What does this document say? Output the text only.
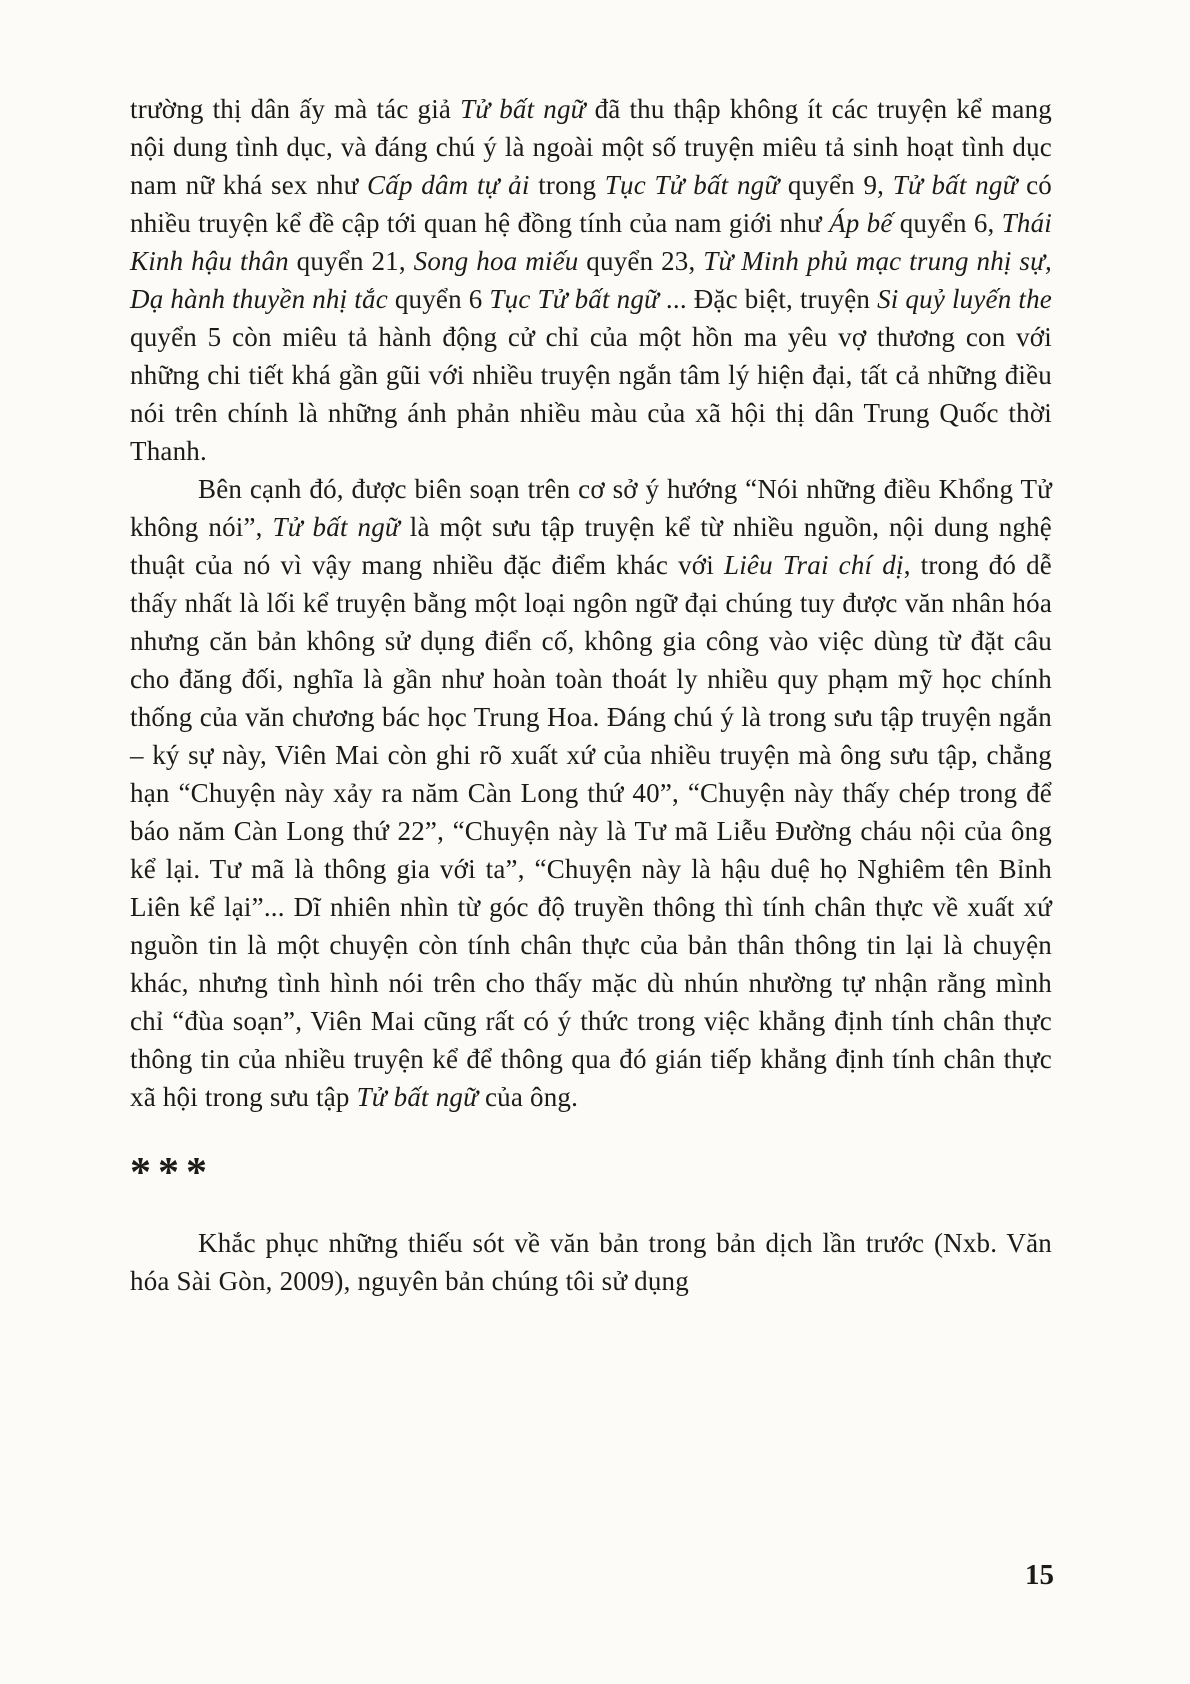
trường thị dân ấy mà tác giả Tử bất ngữ đã thu thập không ít các truyện kể mang nội dung tình dục, và đáng chú ý là ngoài một số truyện miêu tả sinh hoạt tình dục nam nữ khá sex như Cấp dâm tự ải trong Tục Tử bất ngữ quyển 9, Tử bất ngữ có nhiều truyện kể đề cập tới quan hệ đồng tính của nam giới như Áp bế quyển 6, Thái Kinh hậu thân quyển 21, Song hoa miếu quyển 23, Từ Minh phủ mạc trung nhị sự, Dạ hành thuyền nhị tắc quyển 6 Tục Tử bất ngữ ... Đặc biệt, truyện Si quỷ luyến the quyển 5 còn miêu tả hành động cử chỉ của một hồn ma yêu vợ thương con với những chi tiết khá gần gũi với nhiều truyện ngắn tâm lý hiện đại, tất cả những điều nói trên chính là những ánh phản nhiều màu của xã hội thị dân Trung Quốc thời Thanh.

Bên cạnh đó, được biên soạn trên cơ sở ý hướng “Nói những điều Khổng Tử không nói”, Tử bất ngữ là một sưu tập truyện kể từ nhiều nguồn, nội dung nghệ thuật của nó vì vậy mang nhiều đặc điểm khác với Liêu Trai chí dị, trong đó dễ thấy nhất là lối kể truyện bằng một loại ngôn ngữ đại chúng tuy được văn nhân hóa nhưng căn bản không sử dụng điển cố, không gia công vào việc dùng từ đặt câu cho đăng đối, nghĩa là gần như hoàn toàn thoát ly nhiều quy phạm mỹ học chính thống của văn chương bác học Trung Hoa. Đáng chú ý là trong sưu tập truyện ngắn – ký sự này, Viên Mai còn ghi rõ xuất xứ của nhiều truyện mà ông sưu tập, chẳng hạn “Chuyện này xảy ra năm Càn Long thứ 40”, “Chuyện này thấy chép trong để báo năm Càn Long thứ 22”, “Chuyện này là Tư mã Liễu Đường cháu nội của ông kể lại. Tư mã là thông gia với ta”, “Chuyện này là hậu duệ họ Nghiêm tên Bỉnh Liên kể lại”... Dĩ nhiên nhìn từ góc độ truyền thông thì tính chân thực về xuất xứ nguồn tin là một chuyện còn tính chân thực của bản thân thông tin lại là chuyện khác, nhưng tình hình nói trên cho thấy mặc dù nhún nhường tự nhận rằng mình chỉ “đùa soạn”, Viên Mai cũng rất có ý thức trong việc khẳng định tính chân thực thông tin của nhiều truyện kể để thông qua đó gián tiếp khẳng định tính chân thực xã hội trong sưu tập Tử bất ngữ của ông.

***

Khắc phục những thiếu sót về văn bản trong bản dịch lần trước (Nxb. Văn hóa Sài Gòn, 2009), nguyên bản chúng tôi sử dụng

15
